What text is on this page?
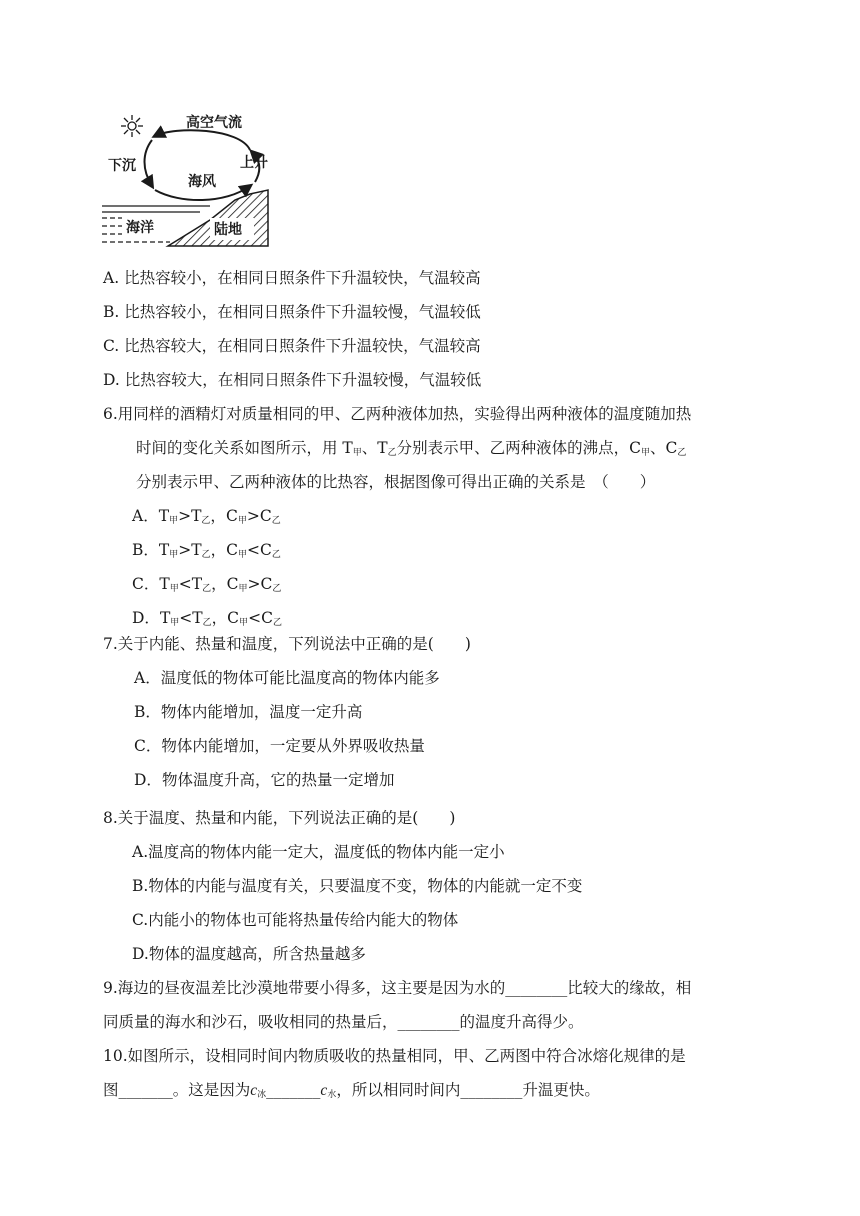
高空气流
下沉	上升
海风
海洋	陆地
A. 比热容较小，在相同日照条件下升温较快，气温较高
B. 比热容较小，在相同日照条件下升温较慢，气温较低
C. 比热容较大，在相同日照条件下升温较快，气温较高
D. 比热容较大，在相同日照条件下升温较慢，气温较低
6.用同样的酒精灯对质量相同的甲、乙两种液体加热，实验得出两种液体的温度随加热
时间的变化关系如图所示，用 $T_甲$、$T_乙$分别表示甲、乙两种液体的沸点，$C_甲$、$C_乙$
分别表示甲、乙两种液体的比热容，根据图像可得出正确的关系是　（　　）
A．$T_甲>T_乙$，$C_甲>C_乙$
B．$T_甲>T_乙$，$C_甲<C_乙$
C．$T_甲<T_乙$，$C_甲>C_乙$
D．$T_甲<T_乙$，$C_甲<C_乙$
7.关于内能、热量和温度，下列说法中正确的是(　　)
A．温度低的物体可能比温度高的物体内能多
B．物体内能增加，温度一定升高
C．物体内能增加，一定要从外界吸收热量
D．物体温度升高，它的热量一定增加
8.关于温度、热量和内能，下列说法正确的是(　　)
A.温度高的物体内能一定大，温度低的物体内能一定小
B.物体的内能与温度有关，只要温度不变，物体的内能就一定不变
C.内能小的物体也可能将热量传给内能大的物体
D.物体的温度越高，所含热量越多
9.海边的昼夜温差比沙漠地带要小得多，这主要是因为水的________比较大的缘故，相
同质量的海水和沙石，吸收相同的热量后，________的温度升高得少。
10.如图所示，设相同时间内物质吸收的热量相同，甲、乙两图中符合冰熔化规律的是
图_______。这是因为$c_冰\_\_\_\_\_\_\_c_水$，所以相同时间内________升温更快。
